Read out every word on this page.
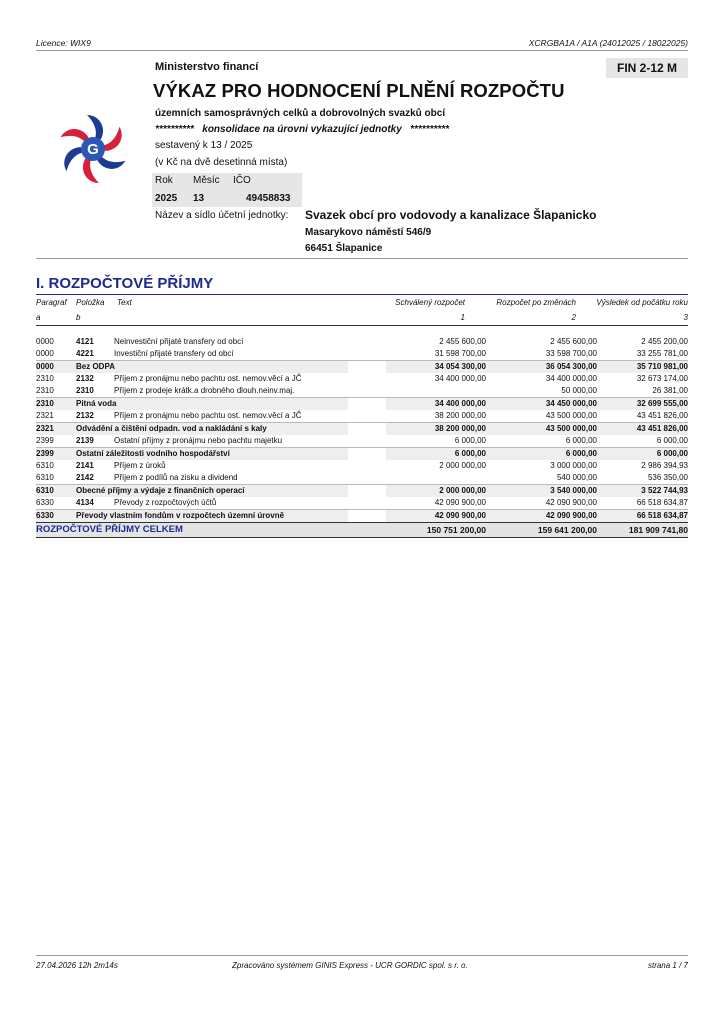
Licence: WIX9	XCRGBA1A / A1A (24012025 / 18022025)
G
Ministerstvo financí	FIN 2-12 M
VÝKAZ PRO HODNOCENÍ PLNĚNÍ ROZPOČTU
územních samosprávných celků a dobrovolných svazků obcí
********** konsolidace na úrovni vykazující jednotky **********
sestavený k 13 / 2025
(v Kč na dvě desetinná místa)
Rok Měsíc IČO
2025 13	49458833
Název a sídlo účetní jednotky: Svazek obcí pro vodovody a kanalizace Šlapanicko
Masarykovo náměstí 546/9
66451 Šlapanice
I. ROZPOČTOVÉ PŘÍJMY
Paragraf Položka Text	Schválený rozpočet	Rozpočet po změnách	Výsledek od počátku roku
a	b	1	2	3
0000	4121	Neinvestiční přijaté transfery od obcí	2 455 600,00	2 455 600,00	2 455 200,00
0000	4221	Investiční přijaté transfery od obcí	31 598 700,00	33 598 700,00	33 255 781,00
0000		Bez ODPA	34 054 300,00	36 054 300,00	35 710 981,00
2310	2132	Příjem z pronájmu nebo pachtu ost. nemov.věcí a JČ	34 400 000,00	34 400 000,00	32 673 174,00
2310	2310	Příjem z prodeje krátk.a drobného dlouh.neinv.maj.		50 000,00	26 381,00
2310		Pitná voda	34 400 000,00	34 450 000,00	32 699 555,00
2321	2132	Příjem z pronájmu nebo pachtu ost. nemov.věcí a JČ	38 200 000,00	43 500 000,00	43 451 826,00
2321		Odvádění a čištění odpadn. vod a nakládání s kaly	38 200 000,00	43 500 000,00	43 451 826,00
2399	2139	Ostatní příjmy z pronájmu nebo pachtu majetku	6 000,00	6 000,00	6 000,00
2399		Ostatní záležitosti vodního hospodářství	6 000,00	6 000,00	6 000,00
6310	2141	Příjem z úroků	2 000 000,00	3 000 000,00	2 986 394,93
6310	2142	Příjem z podílů na zisku a dividend		540 000,00	536 350,00
6310		Obecné příjmy a výdaje z finančních operací	2 000 000,00	3 540 000,00	3 522 744,93
6330	4134	Převody z rozpočtových účtů	42 090 900,00	42 090 900,00	66 518 634,87
6330		Převody vlastním fondům v rozpočtech územní úrovně	42 090 900,00	42 090 900,00	66 518 634,87
ROZPOČTOVÉ PŘÍJMY CELKEM	150 751 200,00	159 641 200,00	181 909 741,80
27.04.2026 12h 2m14s	Zpracováno systémem GINIS Express - UCR GORDIC spol. s r. o.	strana 1 / 7
